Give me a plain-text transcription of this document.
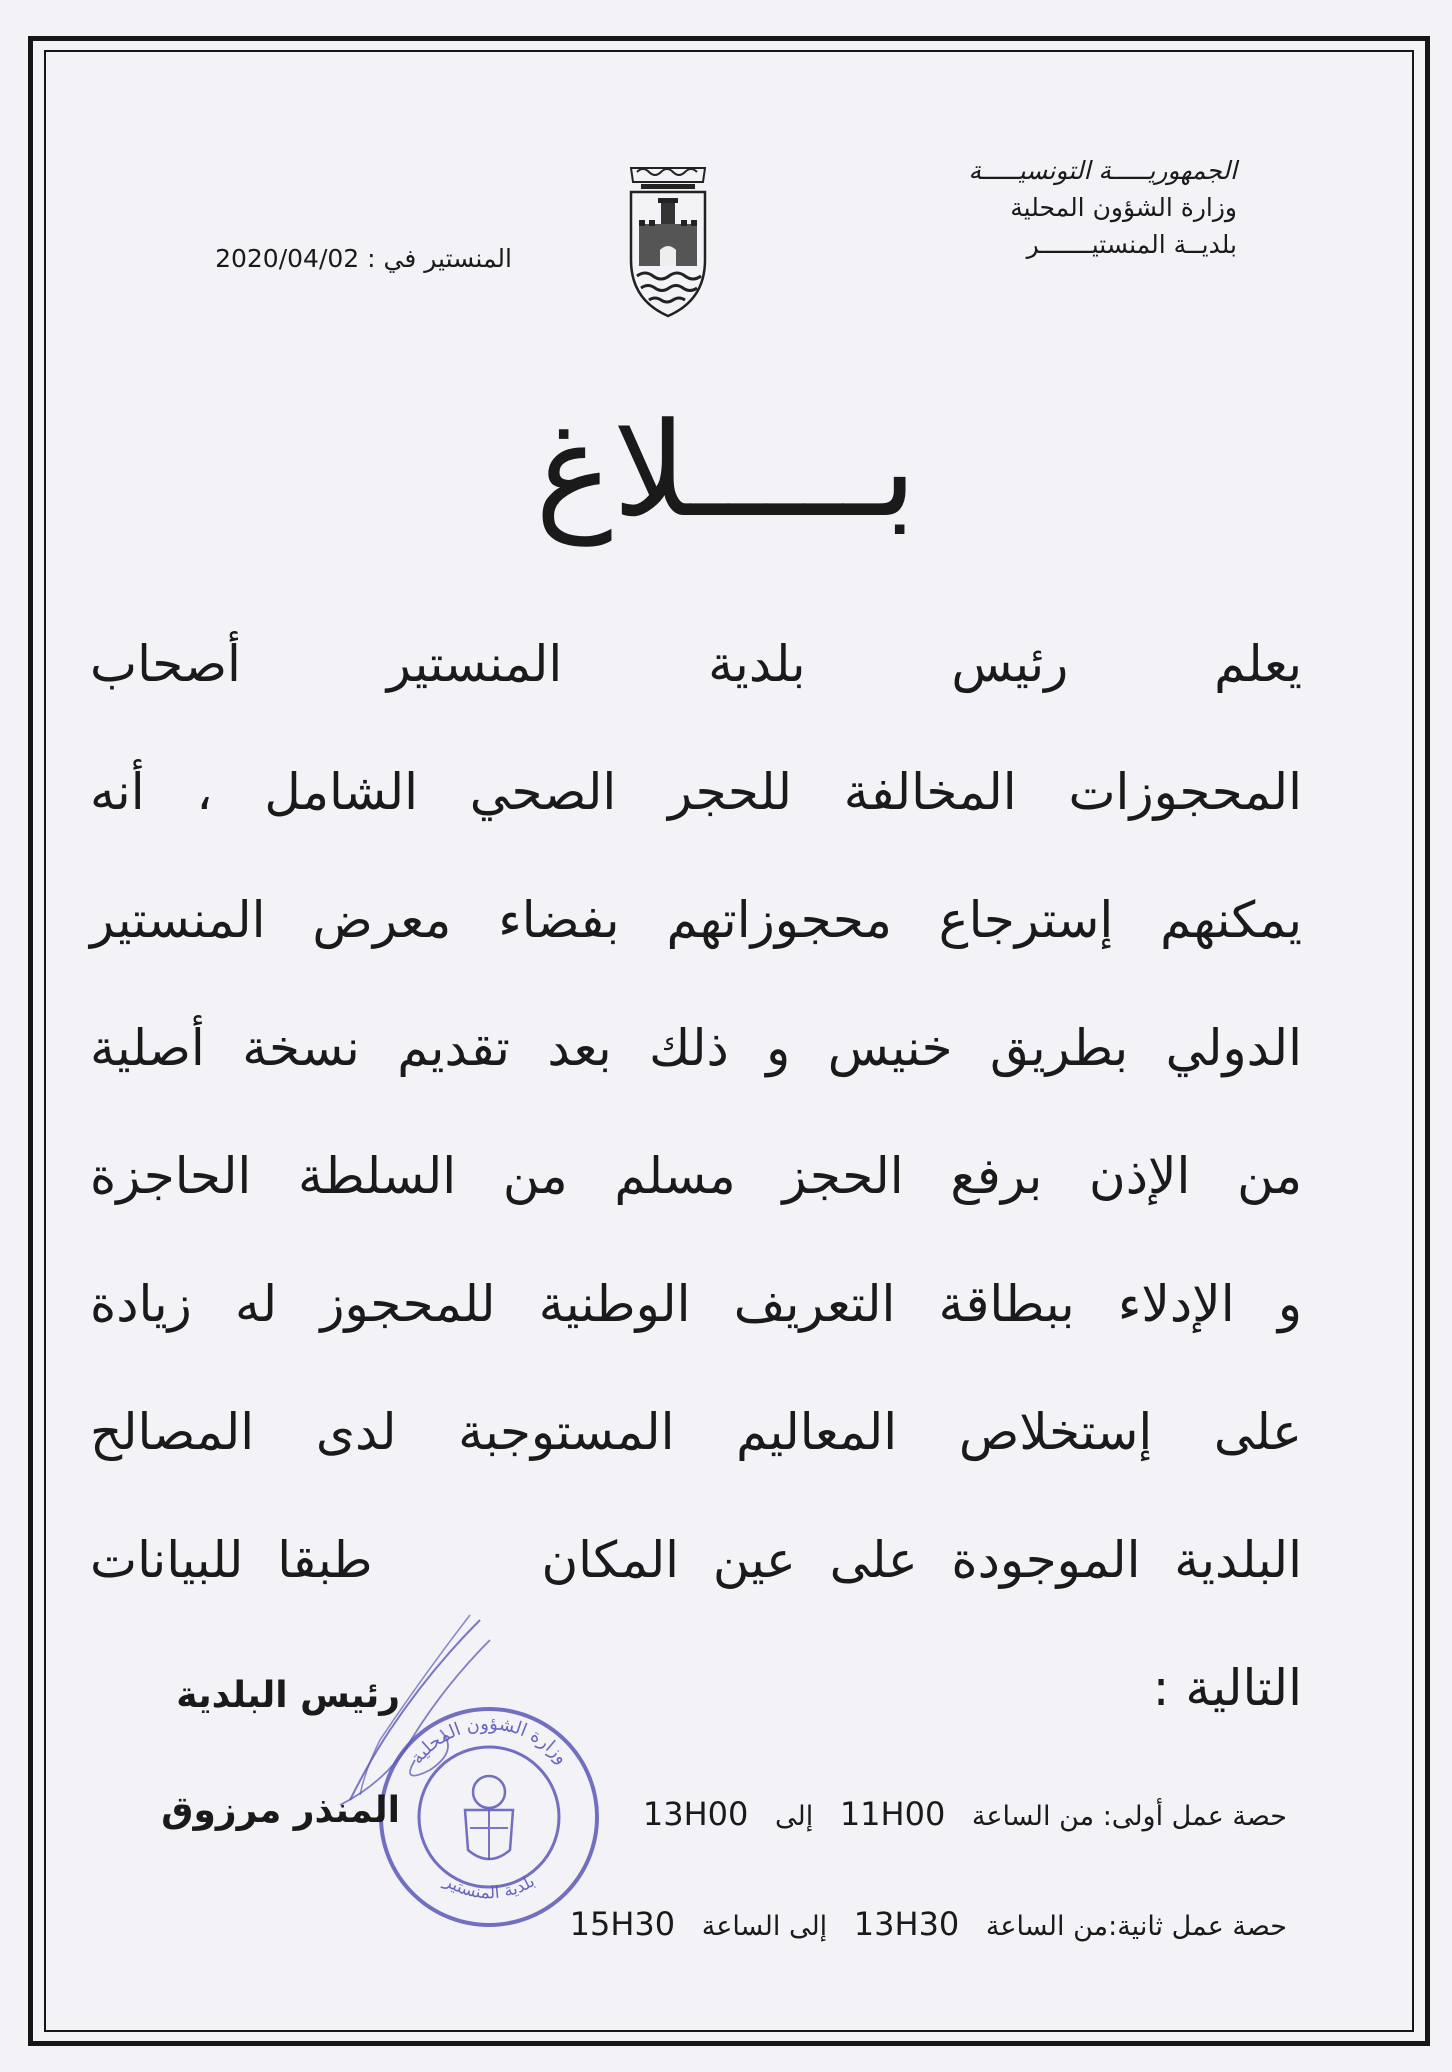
الجمهوريـــــة التونسيـــــة
وزارة الشؤون المحلية
بلديــة المنستيـــــــر
المنستير في : 2020/04/02
بـــــلاغ
يعلم رئيس بلدية المنستير أصحاب
المحجوزات المخالفة للحجر الصحي الشامل ، أنه
يمكنهم إسترجاع محجوزاتهم بفضاء معرض المنستير
الدولي بطريق خنيس و ذلك بعد تقديم نسخة أصلية
من الإذن برفع الحجز مسلم من السلطة الحاجزة
و الإدلاء ببطاقة التعريف الوطنية للمحجوز له زيادة
على إستخلاص المعاليم المستوجبة لدى المصالح
البلدية الموجودة على عين المكان     طبقا للبيانات
التالية :
وزارة الشؤون المحلية
بلدية المنستير
رئيس البلدية
المنذر مرزوق	حصة عمل أولى: من الساعة 11H00 إلى 13H00
حصة عمل ثانية:من الساعة 13H30 إلى الساعة 15H30
